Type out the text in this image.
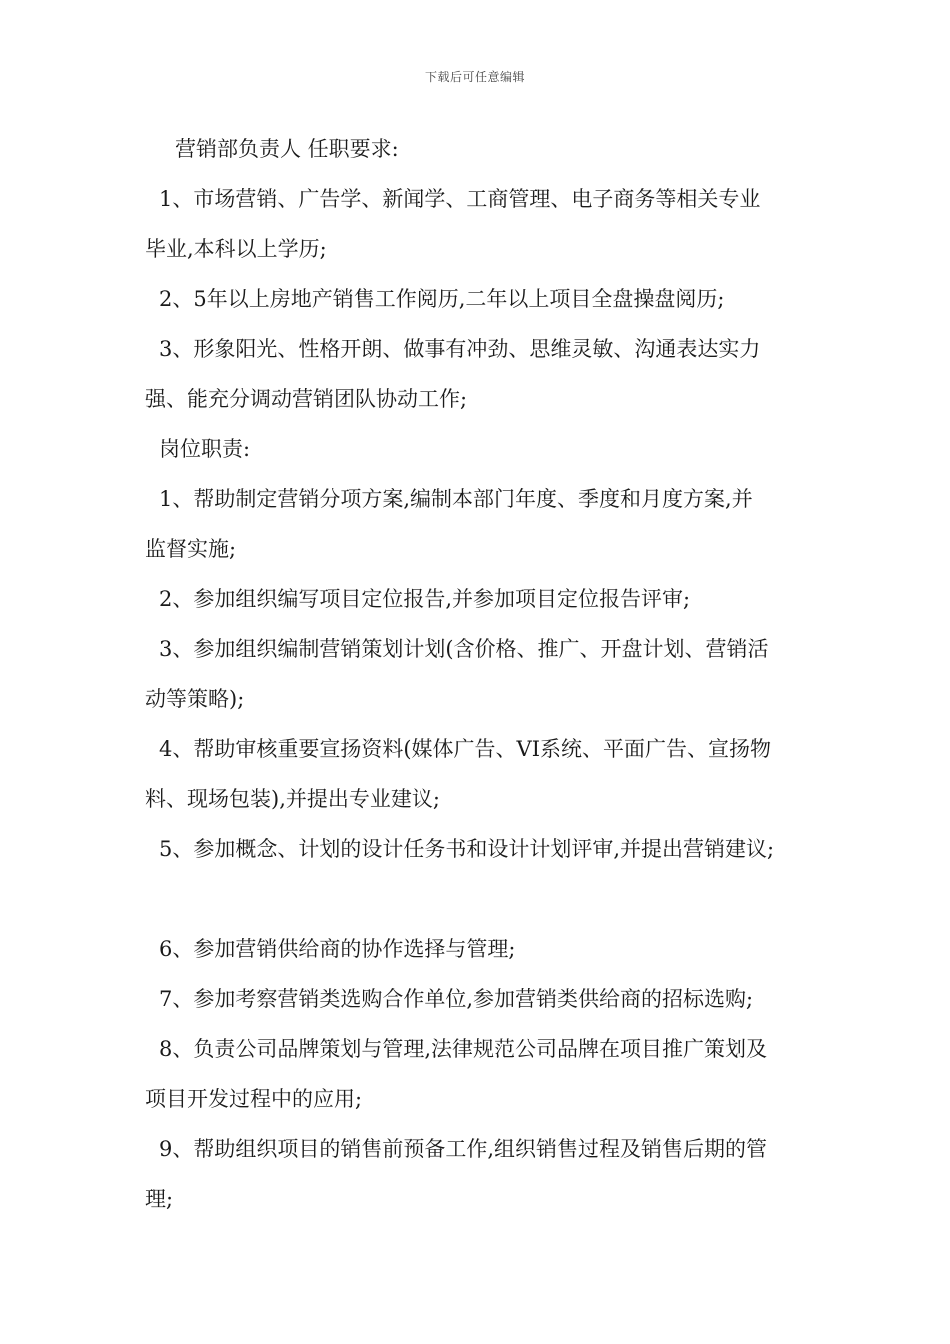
下载后可任意编辑
营销部负责人 任职要求:
1、市场营销、广告学、新闻学、工商管理、电子商务等相关专业
毕业,本科以上学历;
2、5年以上房地产销售工作阅历,二年以上项目全盘操盘阅历;
3、形象阳光、性格开朗、做事有冲劲、思维灵敏、沟通表达实力
强、能充分调动营销团队协动工作;
岗位职责:
1、帮助制定营销分项方案,编制本部门年度、季度和月度方案,并
监督实施;
2、参加组织编写项目定位报告,并参加项目定位报告评审;
3、参加组织编制营销策划计划(含价格、推广、开盘计划、营销活
动等策略);
4、帮助审核重要宣扬资料(媒体广告、VI系统、平面广告、宣扬物
料、现场包装),并提出专业建议;
5、参加概念、计划的设计任务书和设计计划评审,并提出营销建议;
6、参加营销供给商的协作选择与管理;
7、参加考察营销类选购合作单位,参加营销类供给商的招标选购;
8、负责公司品牌策划与管理,法律规范公司品牌在项目推广策划及
项目开发过程中的应用;
9、帮助组织项目的销售前预备工作,组织销售过程及销售后期的管
理;
